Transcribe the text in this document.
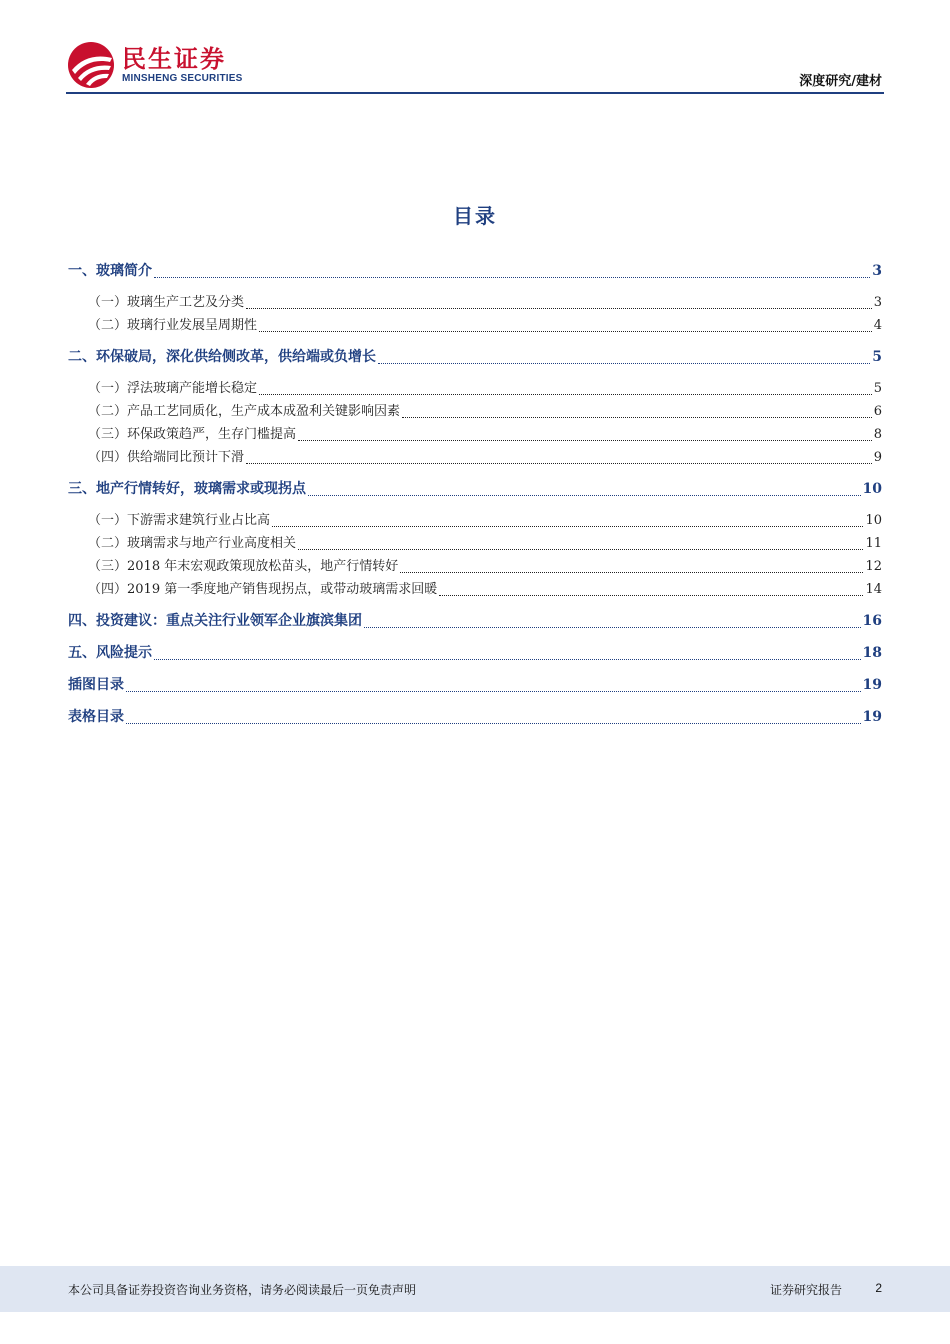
民生证券
MINSHENG SECURITIES	深度研究/建材
目录
一、玻璃简介	3
（一）玻璃生产工艺及分类	3
（二）玻璃行业发展呈周期性	4
二、环保破局，深化供给侧改革，供给端或负增长	5
（一）浮法玻璃产能增长稳定	5
（二）产品工艺同质化，生产成本成盈利关键影响因素	6
（三）环保政策趋严，生存门槛提高	8
（四）供给端同比预计下滑	9
三、地产行情转好，玻璃需求或现拐点	10
（一）下游需求建筑行业占比高	10
（二）玻璃需求与地产行业高度相关	11
（三）2018 年末宏观政策现放松苗头，地产行情转好	12
（四）2019 第一季度地产销售现拐点，或带动玻璃需求回暖	14
四、投资建议：重点关注行业领军企业旗滨集团	16
五、风险提示	18
插图目录	19
表格目录	19
本公司具备证券投资咨询业务资格，请务必阅读最后一页免责声明	证券研究报告	2
